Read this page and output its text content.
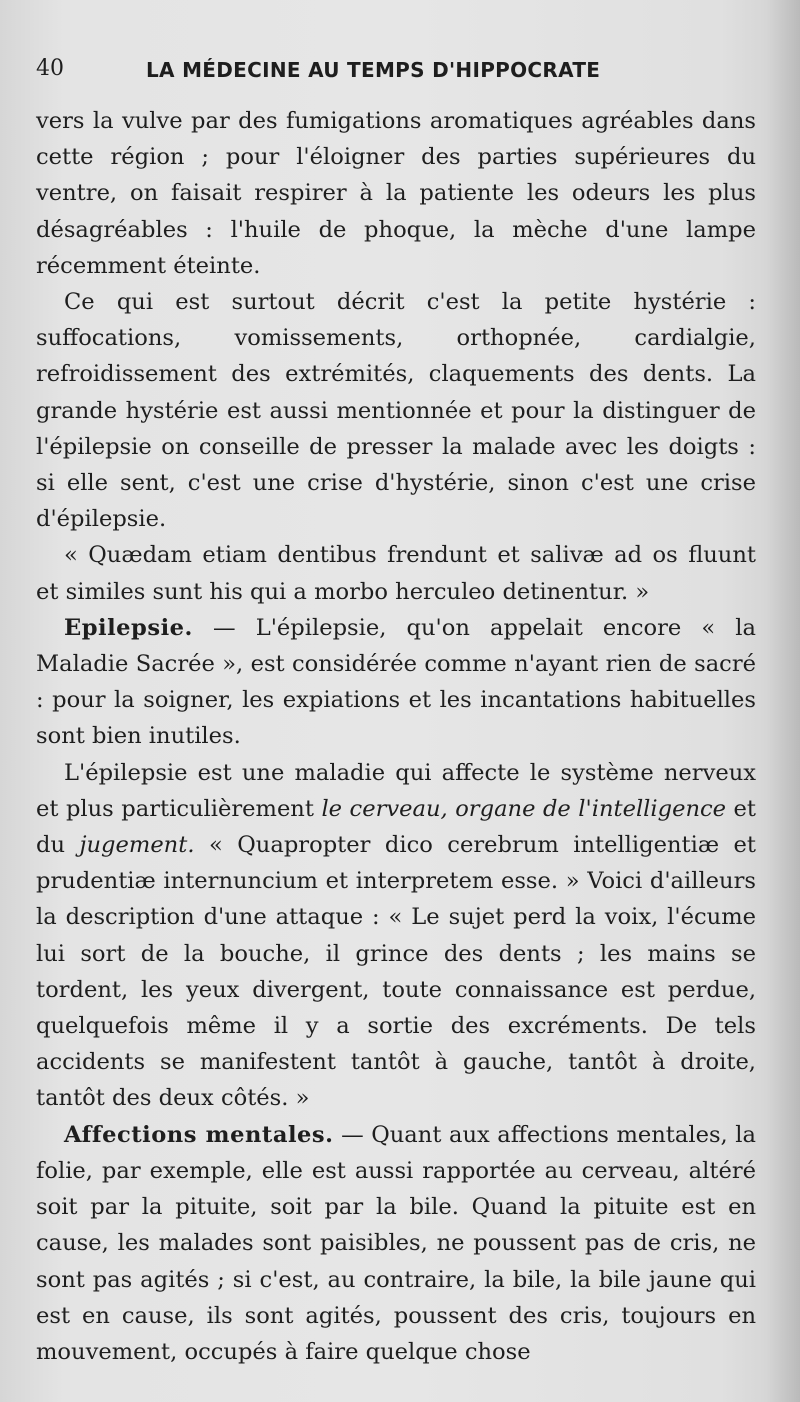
40	LA MÉDECINE AU TEMPS D'HIPPOCRATE

vers la vulve par des fumigations aromatiques agréables dans cette région ; pour l'éloigner des parties supérieures du ventre, on faisait respirer à la patiente les odeurs les plus désagréables : l'huile de phoque, la mèche d'une lampe récemment éteinte.

Ce qui est surtout décrit c'est la petite hystérie : suffocations, vomissements, orthopnée, cardialgie, refroidissement des extrémités, claquements des dents. La grande hystérie est aussi mentionnée et pour la distinguer de l'épilepsie on conseille de presser la malade avec les doigts : si elle sent, c'est une crise d'hystérie, sinon c'est une crise d'épilepsie.

« Quædam etiam dentibus frendunt et salivæ ad os fluunt et similes sunt his qui a morbo herculeo detinentur. »

Epilepsie. — L'épilepsie, qu'on appelait encore « la Maladie Sacrée », est considérée comme n'ayant rien de sacré : pour la soigner, les expiations et les incantations habituelles sont bien inutiles.

L'épilepsie est une maladie qui affecte le système nerveux et plus particulièrement le cerveau, organe de l'intelligence et du jugement. « Quapropter dico cerebrum intelligentiæ et prudentiæ internuncium et interpretem esse. » Voici d'ailleurs la description d'une attaque : « Le sujet perd la voix, l'écume lui sort de la bouche, il grince des dents ; les mains se tordent, les yeux divergent, toute connaissance est perdue, quelquefois même il y a sortie des excréments. De tels accidents se manifestent tantôt à gauche, tantôt à droite, tantôt des deux côtés. »

Affections mentales. — Quant aux affections mentales, la folie, par exemple, elle est aussi rapportée au cerveau, altéré soit par la pituite, soit par la bile. Quand la pituite est en cause, les malades sont paisibles, ne poussent pas de cris, ne sont pas agités ; si c'est, au contraire, la bile, la bile jaune qui est en cause, ils sont agités, poussent des cris, toujours en mouvement, occupés à faire quelque chose
